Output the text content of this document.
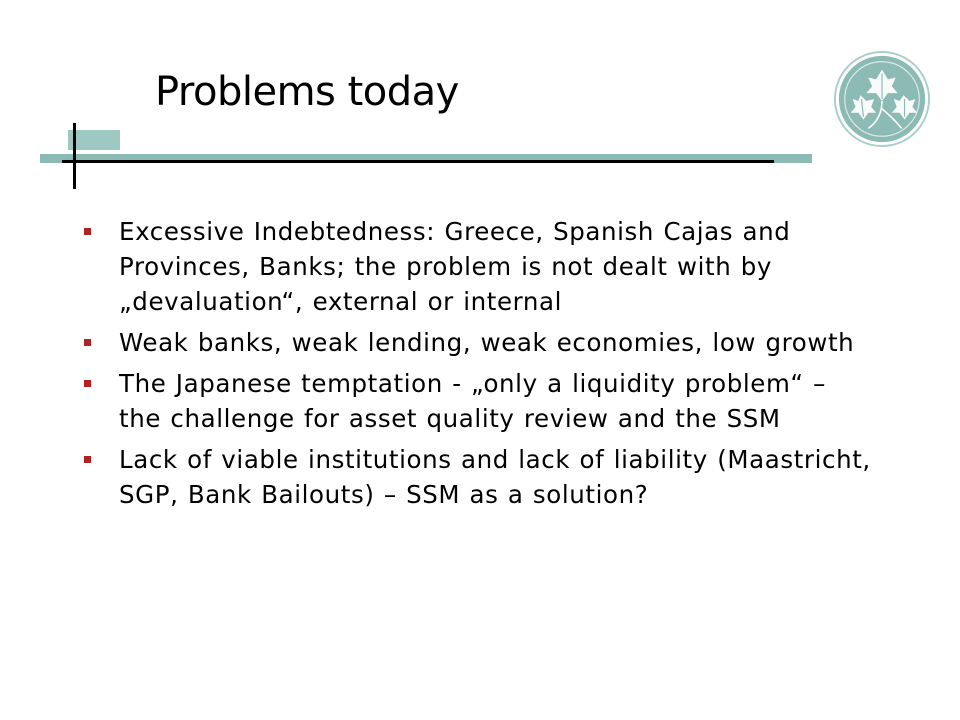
Problems today
Excessive Indebtedness: Greece, Spanish Cajas and Provinces, Banks; the problem is not dealt with by „devaluation“, external or internal
Weak banks, weak lending, weak economies, low growth
The Japanese temptation - „only a liquidity problem“ – the challenge for asset quality review and the SSM
Lack of viable institutions and lack of liability (Maastricht, SGP, Bank Bailouts) – SSM as a solution?
